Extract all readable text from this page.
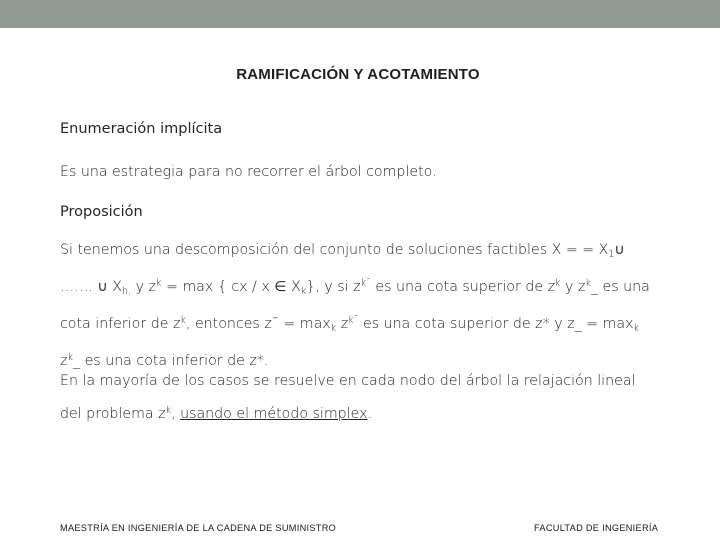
RAMIFICACIÓN Y ACOTAMIENTO
Enumeración implícita
Es una estrategia para no recorrer el árbol completo.
Proposición
Si tenemos una descomposición del conjunto de soluciones factibles X = = $X_1\cup$
……. ∪ $X_{h,}$ y $z^k = \max$ { cx / x ∈ $X_k$}, y si $z^{k¯}$ es una cota superior de $z^k$ y $z^k\_$ es una
cota inferior de $z^k$, entonces z¯ = $\max_k z^{k¯}$ es una cota superior de z* y z_ = $\max_k$
$z^k\_$ es una cota inferior de z*.
En la mayoría de los casos se resuelve en cada nodo del árbol la relajación lineal
del problema $z^k$, usando el método simplex.
MAESTRÍA EN INGENIERÍA DE LA CADENA DE SUMINISTRO	FACULTAD DE INGENIERÍA
